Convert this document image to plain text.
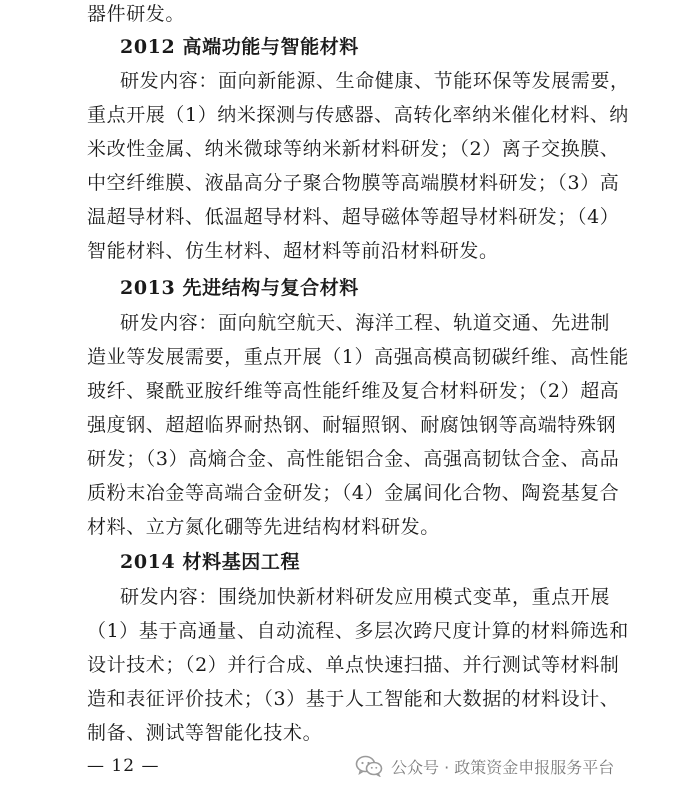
器件研发。
2012 高端功能与智能材料
研发内容：面向新能源、生命健康、节能环保等发展需要，
重点开展（1）纳米探测与传感器、高转化率纳米催化材料、纳
米改性金属、纳米微球等纳米新材料研发；（2）离子交换膜、
中空纤维膜、液晶高分子聚合物膜等高端膜材料研发；（3）高
温超导材料、低温超导材料、超导磁体等超导材料研发；（4）
智能材料、仿生材料、超材料等前沿材料研发。
2013 先进结构与复合材料
研发内容：面向航空航天、海洋工程、轨道交通、先进制
造业等发展需要，重点开展（1）高强高模高韧碳纤维、高性能
玻纤、聚酰亚胺纤维等高性能纤维及复合材料研发；（2）超高
强度钢、超超临界耐热钢、耐辐照钢、耐腐蚀钢等高端特殊钢
研发；（3）高熵合金、高性能铝合金、高强高韧钛合金、高品
质粉末冶金等高端合金研发；（4）金属间化合物、陶瓷基复合
材料、立方氮化硼等先进结构材料研发。
2014 材料基因工程
研发内容：围绕加快新材料研发应用模式变革，重点开展
（1）基于高通量、自动流程、多层次跨尺度计算的材料筛选和
设计技术；（2）并行合成、单点快速扫描、并行测试等材料制
造和表征评价技术；（3）基于人工智能和大数据的材料设计、
制备、测试等智能化技术。
— 12 —	公众号 · 政策资金申报服务平台
